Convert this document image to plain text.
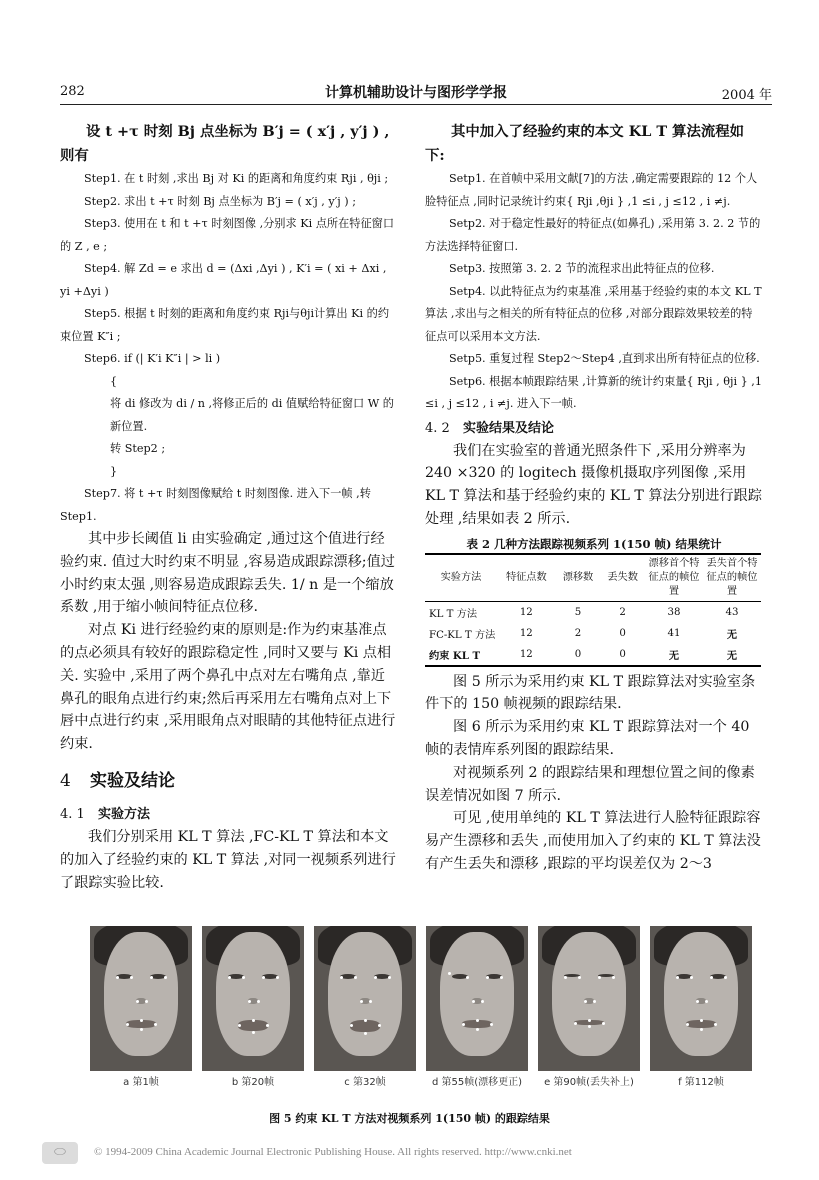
282	计算机辅助设计与图形学学报	2004 年

设 t +τ 时刻 Bj 点坐标为 B′j = ( x′j , y′j ) ,则有

Step1. 在 t 时刻 ,求出 Bj 对 Ki 的距离和角度约束 Rji , θji ;

Step2. 求出 t +τ 时刻 Bj 点坐标为 B′j = ( x′j , y′j ) ;

Step3. 使用在 t 和 t +τ 时刻图像 ,分别求 Ki 点所在特征窗口的 Z , e ;

Step4. 解 Zd = e 求出 d = (Δxi ,Δyi ) , K′i = ( xi + Δxi , yi +Δyi )

Step5. 根据 t 时刻的距离和角度约束 Rji与θji计算出 Ki 的约束位置 K″i ;

Step6. if (| K′i K″i | > li )

{

将 di 修改为 di / n ,将修正后的 di 值赋给特征窗口 W 的新位置.

转 Step2 ;

}

Step7. 将 t +τ 时刻图像赋给 t 时刻图像. 进入下一帧 ,转 Step1.

其中步长阈值 li 由实验确定 ,通过这个值进行经验约束. 值过大时约束不明显 ,容易造成跟踪漂移;值过小时约束太强 ,则容易造成跟踪丢失. 1/ n 是一个缩放系数 ,用于缩小帧间特征点位移.

对点 Ki 进行经验约束的原则是:作为约束基准点的点必须具有较好的跟踪稳定性 ,同时又要与 Ki 点相关. 实验中 ,采用了两个鼻孔中点对左右嘴角点 ,靠近鼻孔的眼角点进行约束;然后再采用左右嘴角点对上下唇中点进行约束 ,采用眼角点对眼睛的其他特征点进行约束.

4 实验及结论
4. 1 实验方法

我们分别采用 KL T 算法 ,FC-KL T 算法和本文的加入了经验约束的 KL T 算法 ,对同一视频系列进行了跟踪实验比较.

其中加入了经验约束的本文 KL T 算法流程如下:

Setp1. 在首帧中采用文献[7]的方法 ,确定需要跟踪的 12 个人脸特征点 ,同时记录统计约束{ Rji ,θji } ,1 ≤i , j ≤12 , i ≠j.

Setp2. 对于稳定性最好的特征点(如鼻孔) ,采用第 3. 2. 2 节的方法选择特征窗口.

Setp3. 按照第 3. 2. 2 节的流程求出此特征点的位移.

Setp4. 以此特征点为约束基准 ,采用基于经验约束的本文 KL T 算法 ,求出与之相关的所有特征点的位移 ,对部分跟踪效果较差的特征点可以采用本文方法.

Setp5. 重复过程 Step2～Step4 ,直到求出所有特征点的位移.

Setp6. 根据本帧跟踪结果 ,计算新的统计约束量{ Rji , θji } ,1 ≤i , j ≤12 , i ≠j. 进入下一帧.

4. 2 实验结果及结论

我们在实验室的普通光照条件下 ,采用分辨率为 240 ×320 的 logitech 摄像机摄取序列图像 ,采用 KL T 算法和基于经验约束的 KL T 算法分别进行跟踪处理 ,结果如表 2 所示.

表 2 几种方法跟踪视频系列 1(150 帧) 结果统计
实验方法	特征点数	漂移数	丢失数	漂移首个特征点的帧位置	丢失首个特征点的帧位置
KL T 方法	12	5	2	38	43
FC-KL T 方法	12	2	0	41	无
约束 KL T	12	0	0	无	无

图 5 所示为采用约束 KL T 跟踪算法对实验室条件下的 150 帧视频的跟踪结果.

图 6 所示为采用约束 KL T 跟踪算法对一个 40 帧的表情库系列图的跟踪结果.

对视频系列 2 的跟踪结果和理想位置之间的像素误差情况如图 7 所示.

可见 ,使用单纯的 KL T 算法进行人脸特征跟踪容易产生漂移和丢失 ,而使用加入了约束的 KL T 算法没有产生丢失和漂移 ,跟踪的平均误差仅为 2～3

a 第1帧	b 第20帧	c 第32帧	d 第55帧(漂移更正)	e 第90帧(丢失补上)	f 第112帧
图 5 约束 KL T 方法对视频系列 1(150 帧) 的跟踪结果
⬭	© 1994-2009 China Academic Journal Electronic Publishing House. All rights reserved. http://www.cnki.net
